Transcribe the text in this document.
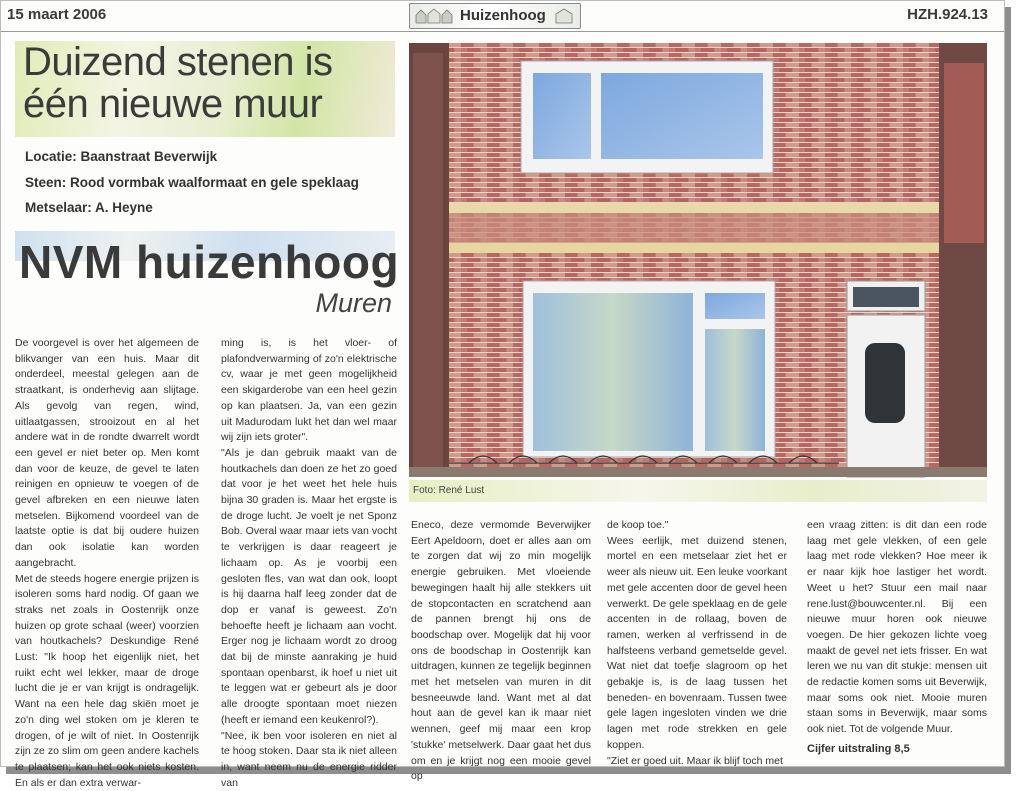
15 maart 2006	Huizenhoog	HZH.924.13
Duizend stenen is één nieuwe muur
Locatie: Baanstraat Beverwijk
Steen: Rood vormbak waalformaat en gele speklaag
Metselaar: A. Heyne
NVM huizenhoog
Muren

De voorgevel is over het algemeen de blikvanger van een huis. Maar dit onderdeel, meestal gelegen aan de straatkant, is onderhevig aan slijtage. Als gevolg van regen, wind, uitlaatgassen, strooizout en al het andere wat in de rondte dwarrelt wordt een gevel er niet beter op. Men komt dan voor de keuze, de gevel te laten reinigen en opnieuw te voegen of de gevel afbreken en een nieuwe laten metselen. Bijkomend voordeel van de laatste optie is dat bij oudere huizen dan ook isolatie kan worden aangebracht.
Met de steeds hogere energie prijzen is isoleren soms hard nodig. Of gaan we straks net zoals in Oostenrijk onze huizen op grote schaal (weer) voorzien van houtkachels? Deskundige René Lust: "Ik hoop het eigenlijk niet, het ruikt echt wel lekker, maar de droge lucht die je er van krijgt is ondragelijk. Want na een hele dag skiën moet je zo'n ding wel stoken om je kleren te drogen, of je wilt of niet. In Oostenrijk zijn ze zo slim om geen andere kachels te plaatsen; kan het ook niets kosten. En als er dan extra verwar-

ming is, is het vloer- of plafondverwarming of zo'n elektrische cv, waar je met geen mogelijkheid een skigarderobe van een heel gezin op kan plaatsen. Ja, van een gezin uit Madurodam lukt het dan wel maar wij zijn iets groter".
"Als je dan gebruik maakt van de houtkachels dan doen ze het zo goed dat voor je het weet het hele huis bijna 30 graden is. Maar het ergste is de droge lucht. Je voelt je net Sponz Bob. Overal waar maar iets van vocht te verkrijgen is daar reageert je lichaam op. As je voorbij een gesloten fles, van wat dan ook, loopt is hij daarna half leeg zonder dat de dop er vanaf is geweest. Zo'n behoefte heeft je lichaam aan vocht. Erger nog je lichaam wordt zo droog dat bij de minste aanraking je huid spontaan openbarst, ik hoef u niet uit te leggen wat er gebeurt als je door alle droogte spontaan moet niezen (heeft er iemand een keukenrol?).
"Nee, ik ben voor isoleren en niet al te hoog stoken. Daar sta ik niet alleen in, want neem nu de energie ridder van

Foto: René Lust

Eneco, deze vermomde Beverwijker Eert Apeldoorn, doet er alles aan om te zorgen dat wij zo min mogelijk energie gebruiken. Met vloeiende bewegingen haalt hij alle stekkers uit de stopcontacten en scratchend aan de pannen brengt hij ons de boodschap over. Mogelijk dat hij voor ons de boodschap in Oostenrijk kan uitdragen, kunnen ze tegelijk beginnen met het metselen van muren in dit besneeuwde land. Want met al dat hout aan de gevel kan ik maar niet wennen, geef mij maar een krop 'stukke' metselwerk. Daar gaat het dus om en je krijgt nog een mooie gevel op

de koop toe."
Wees eerlijk, met duizend stenen, mortel en een metselaar ziet het er weer als nieuw uit. Een leuke voorkant met gele accenten door de gevel heen verwerkt. De gele speklaag en de gele accenten in de rollaag, boven de ramen, werken al verfrissend in de halfsteens verband gemetselde gevel. Wat niet dat toefje slagroom op het gebakje is, is de laag tussen het beneden- en bovenraam. Tussen twee gele lagen ingesloten vinden we drie lagen met rode strekken en gele koppen.
"Ziet er goed uit. Maar ik blijf toch met

een vraag zitten: is dit dan een rode laag met gele vlekken, of een gele laag met rode vlekken? Hoe meer ik er naar kijk hoe lastiger het wordt. Weet u het? Stuur een mail naar rene.lust@bouwcenter.nl. Bij een nieuwe muur horen ook nieuwe voegen. De hier gekozen lichte voeg maakt de gevel net iets frisser. En wat leren we nu van dit stukje: mensen uit de redactie komen soms uit Beverwijk, maar soms ook niet. Mooie muren staan soms in Beverwijk, maar soms ook niet. Tot de volgende Muur.

Cijfer uitstraling 8,5
